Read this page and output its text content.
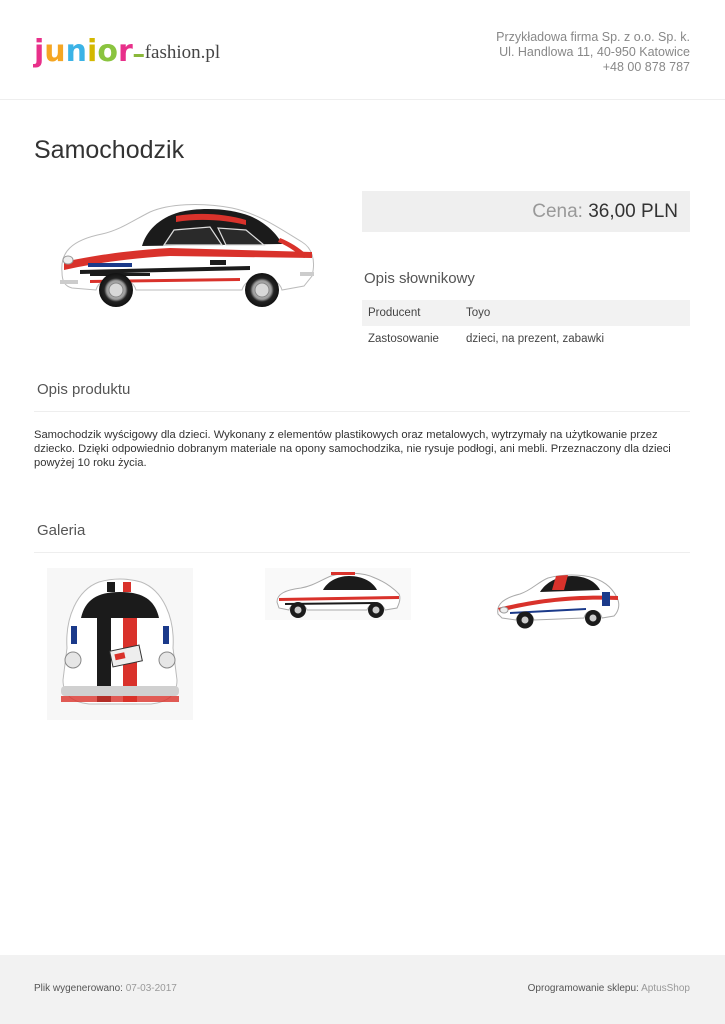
junior ▬ fashion.pl
Przykładowa firma Sp. z o.o. Sp. k.
Ul. Handlowa 11, 40-950 Katowice
+48 00 878 787
Samochodzik
Cena: 36,00 PLN
Opis słownikowy
Producent	Toyo
Zastosowanie	dzieci, na prezent, zabawki
Opis produktu

Samochodzik wyścigowy dla dzieci. Wykonany z elementów plastikowych oraz metalowych, wytrzymały na użytkowanie przez dziecko. Dzięki odpowiednio dobranym materiale na opony samochodzika, nie rysuje podłogi, ani mebli. Przeznaczony dla dzieci powyżej 10 roku życia.

Galeria
Plik wygenerowano: 07-03-2017	Oprogramowanie sklepu: AptusShop
